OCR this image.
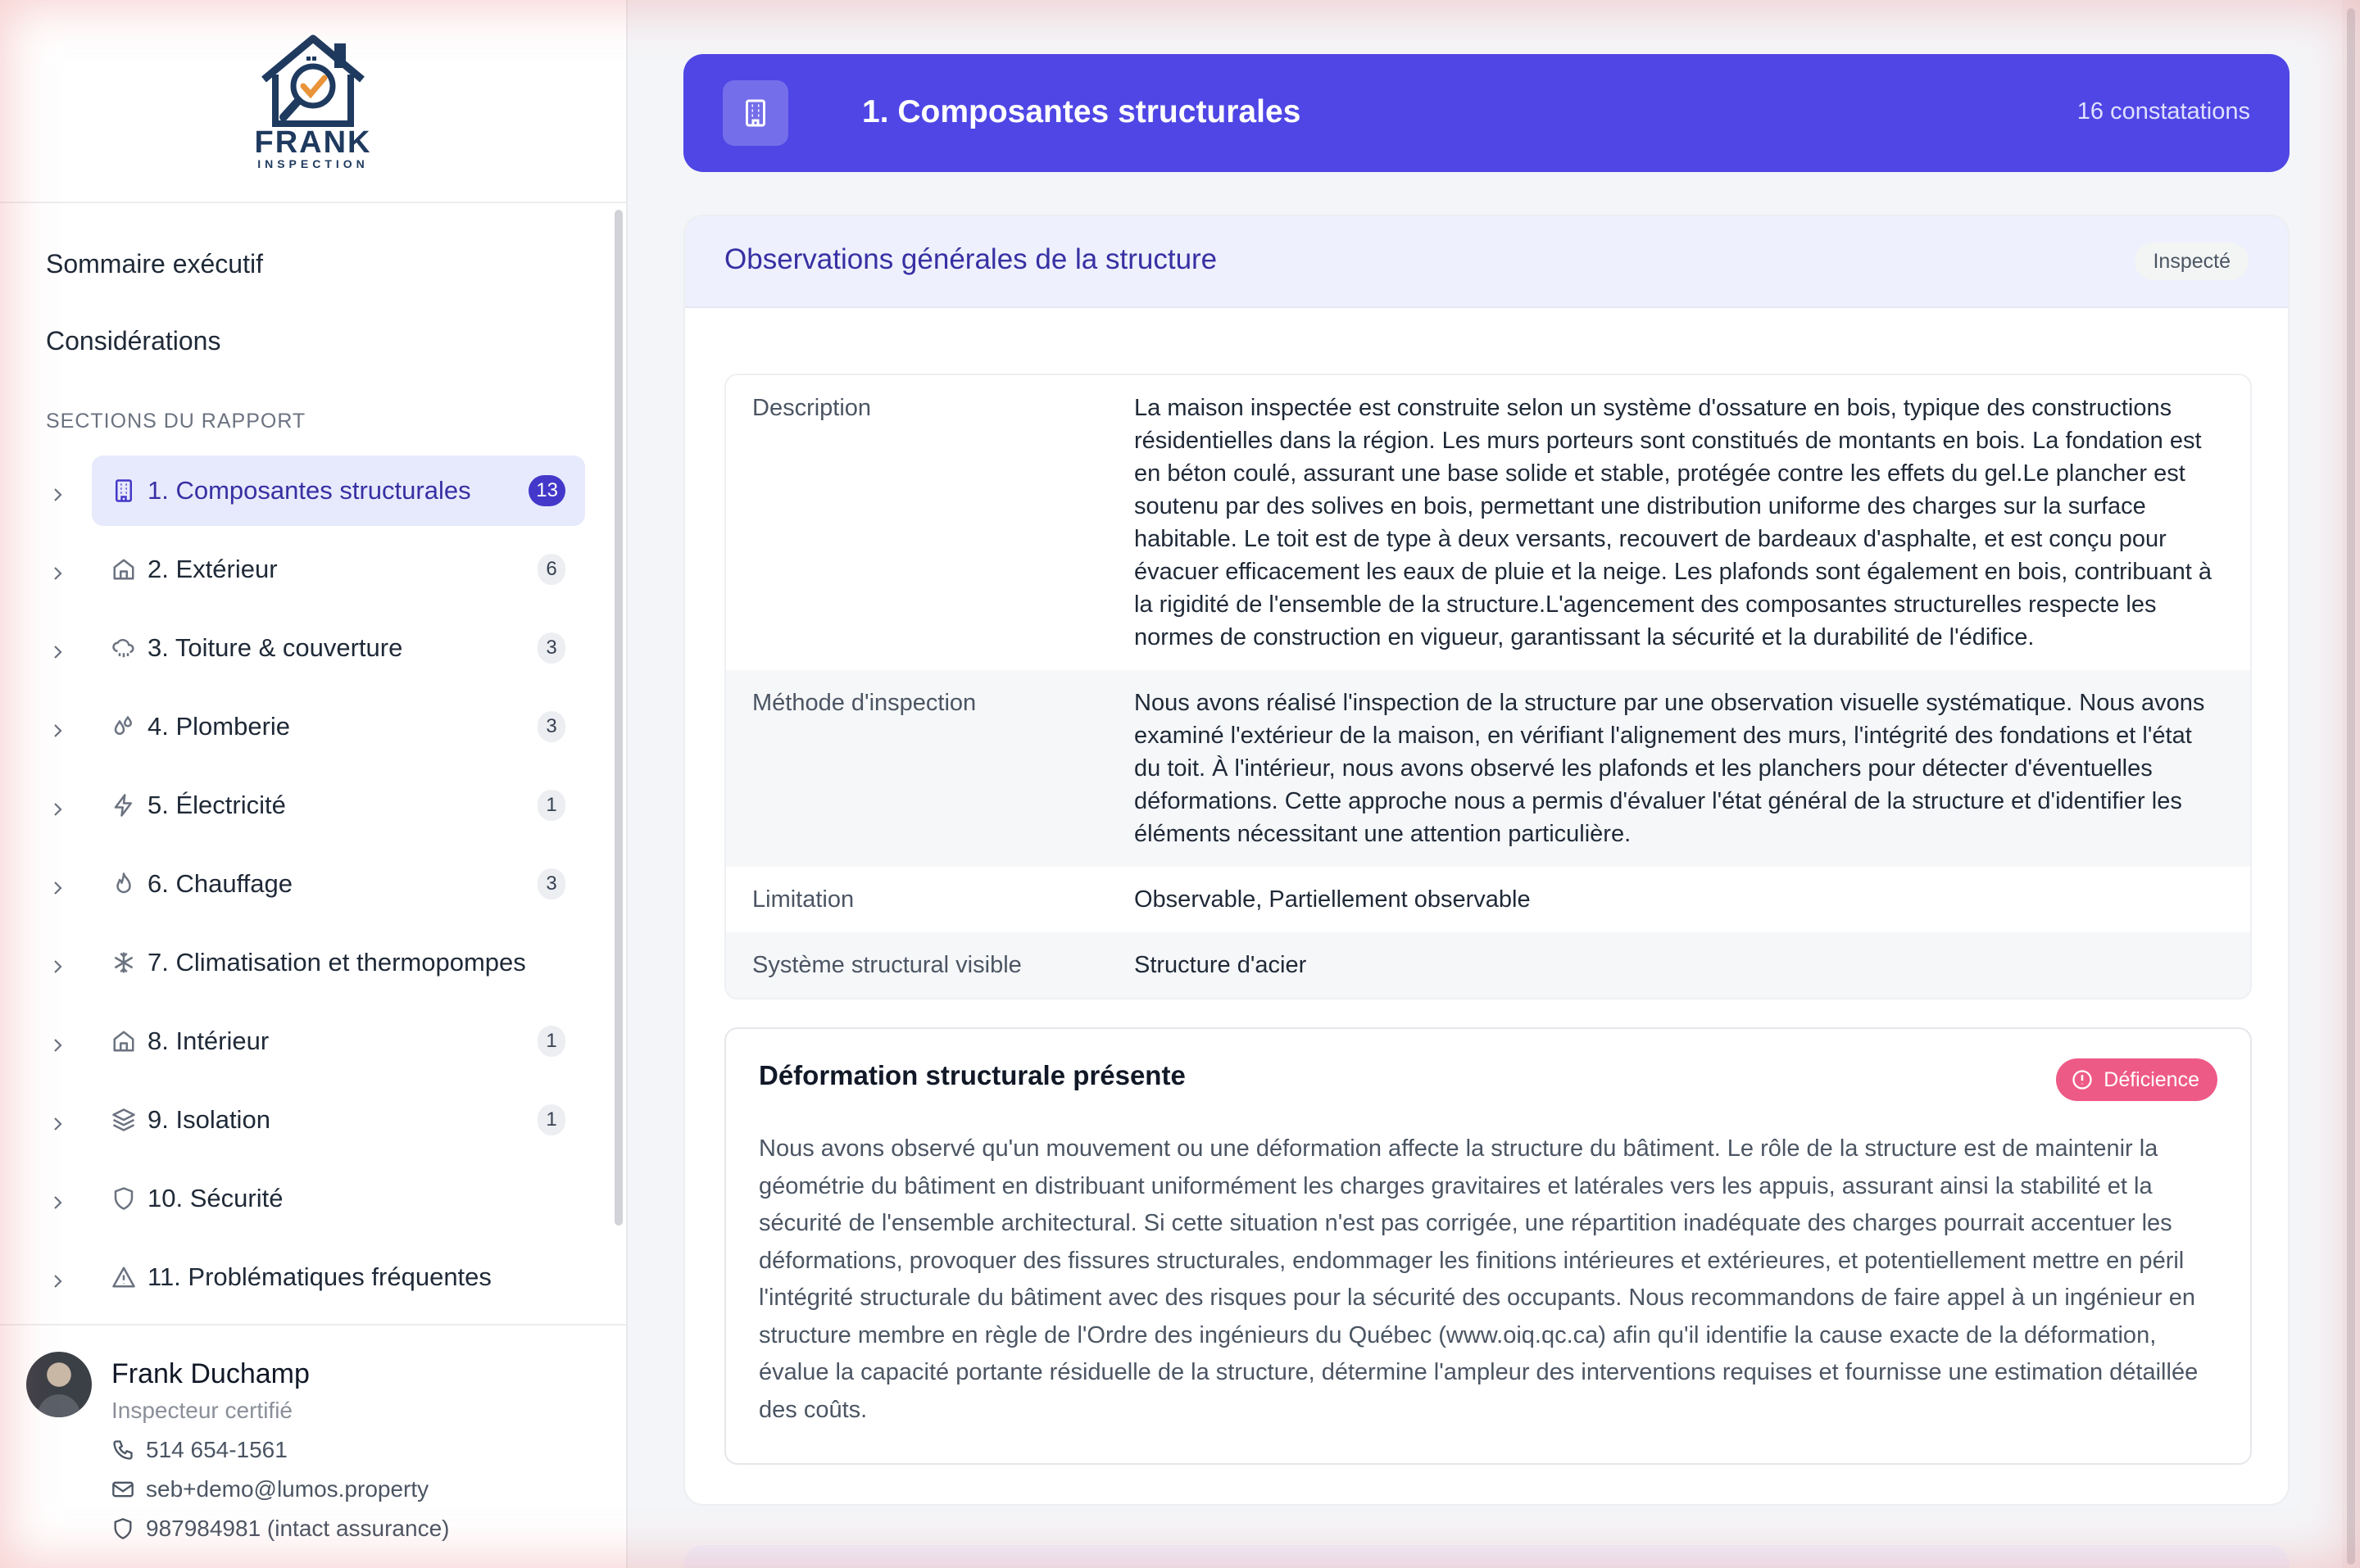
FRANK
INSPECTION
Sommaire exécutif
Considérations
SECTIONS DU RAPPORT
1. Composantes structurales	13
2. Extérieur	6
3. Toiture & couverture	3
4. Plomberie	3
5. Électricité	1
6. Chauffage	3
7. Climatisation et thermopompes
8. Intérieur	1
9. Isolation	1
10. Sécurité
11. Problématiques fréquentes
Frank Duchamp
Inspecteur certifié
514 654-1561
seb+demo@lumos.property
987984981 (intact assurance)
1. Composantes structurales	16 constatations
Observations générales de la structure	Inspecté
Description	La maison inspectée est construite selon un système d'ossature en bois, typique des constructions résidentielles dans la région. Les murs porteurs sont constitués de montants en bois. La fondation est en béton coulé, assurant une base solide et stable, protégée contre les effets du gel.Le plancher est soutenu par des solives en bois, permettant une distribution uniforme des charges sur la surface habitable. Le toit est de type à deux versants, recouvert de bardeaux d'asphalte, et est conçu pour évacuer efficacement les eaux de pluie et la neige. Les plafonds sont également en bois, contribuant à la rigidité de l'ensemble de la structure.L'agencement des composantes structurelles respecte les normes de construction en vigueur, garantissant la sécurité et la durabilité de l'édifice.
Méthode d'inspection	Nous avons réalisé l'inspection de la structure par une observation visuelle systématique. Nous avons examiné l'extérieur de la maison, en vérifiant l'alignement des murs, l'intégrité des fondations et l'état du toit. À l'intérieur, nous avons observé les plafonds et les planchers pour détecter d'éventuelles déformations. Cette approche nous a permis d'évaluer l'état général de la structure et d'identifier les éléments nécessitant une attention particulière.
Limitation	Observable, Partiellement observable
Système structural visible	Structure d'acier
Déformation structurale présente	Déficience
Nous avons observé qu'un mouvement ou une déformation affecte la structure du bâtiment. Le rôle de la structure est de maintenir la géométrie du bâtiment en distribuant uniformément les charges gravitaires et latérales vers les appuis, assurant ainsi la stabilité et la sécurité de l'ensemble architectural. Si cette situation n'est pas corrigée, une répartition inadéquate des charges pourrait accentuer les déformations, provoquer des fissures structurales, endommager les finitions intérieures et extérieures, et potentiellement mettre en péril l'intégrité structurale du bâtiment avec des risques pour la sécurité des occupants. Nous recommandons de faire appel à un ingénieur en structure membre en règle de l'Ordre des ingénieurs du Québec (www.oiq.qc.ca) afin qu'il identifie la cause exacte de la déformation, évalue la capacité portante résiduelle de la structure, détermine l'ampleur des interventions requises et fournisse une estimation détaillée des coûts.
